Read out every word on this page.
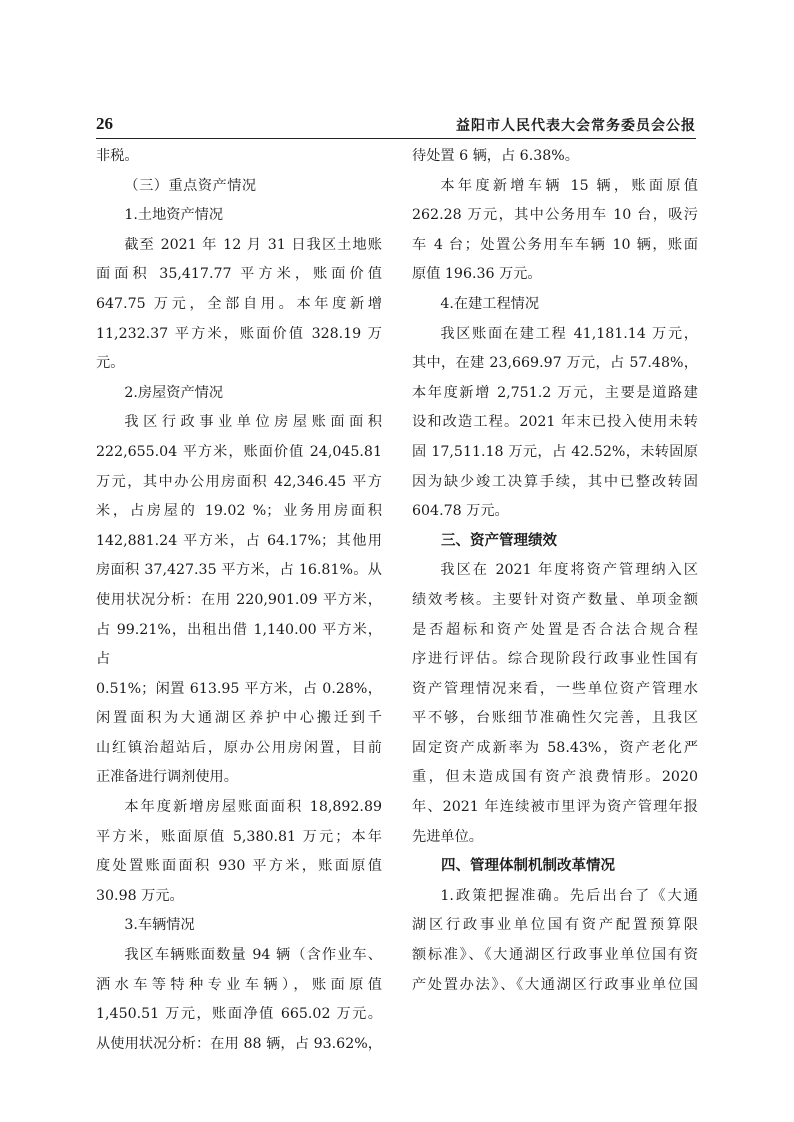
26	益阳市人民代表大会常务委员会公报

非税。

（三）重点资产情况

1.土地资产情况

截至 2021 年 12 月 31 日我区土地账

面面积 35,417.77 平方米，账面价值

647.75 万元，全部自用。本年度新增

11,232.37 平方米，账面价值 328.19 万元。

2.房屋资产情况

我区行政事业单位房屋账面面积

222,655.04 平方米，账面价值 24,045.81

万元，其中办公用房面积 42,346.45 平方

米，占房屋的 19.02 %；业务用房面积

142,881.24 平方米，占 64.17%；其他用

房面积 37,427.35 平方米，占 16.81%。从

使用状况分析：在用 220,901.09 平方米，

占 99.21%，出租出借 1,140.00 平方米，占

0.51%；闲置 613.95 平方米，占 0.28%，

闲置面积为大通湖区养护中心搬迁到千

山红镇治超站后，原办公用房闲置，目前

正准备进行调剂使用。

本年度新增房屋账面面积 18,892.89

平方米，账面原值 5,380.81 万元；本年

度处置账面面积 930 平方米，账面原值

30.98 万元。

3.车辆情况

我区车辆账面数量 94 辆（含作业车、

洒水车等特种专业车辆），账面原值

1,450.51 万元，账面净值 665.02 万元。

从使用状况分析：在用 88 辆，占 93.62%，

待处置 6 辆，占 6.38%。

本年度新增车辆 15 辆，账面原值

262.28 万元，其中公务用车 10 台，吸污

车 4 台；处置公务用车车辆 10 辆，账面

原值 196.36 万元。

4.在建工程情况

我区账面在建工程 41,181.14 万元，

其中，在建 23,669.97 万元，占 57.48%，

本年度新增 2,751.2 万元，主要是道路建

设和改造工程。2021 年末已投入使用未转

固 17,511.18 万元，占 42.52%，未转固原

因为缺少竣工决算手续，其中已整改转固

604.78 万元。

三、资产管理绩效

我区在 2021 年度将资产管理纳入区

绩效考核。主要针对资产数量、单项金额

是否超标和资产处置是否合法合规合程

序进行评估。综合现阶段行政事业性国有

资产管理情况来看，一些单位资产管理水

平不够，台账细节准确性欠完善，且我区

固定资产成新率为 58.43%，资产老化严

重，但未造成国有资产浪费情形。2020

年、2021 年连续被市里评为资产管理年报

先进单位。

四、管理体制机制改革情况

1.政策把握准确。先后出台了《大通

湖区行政事业单位国有资产配置预算限

额标准》、《大通湖区行政事业单位国有资

产处置办法》、《大通湖区行政事业单位国
